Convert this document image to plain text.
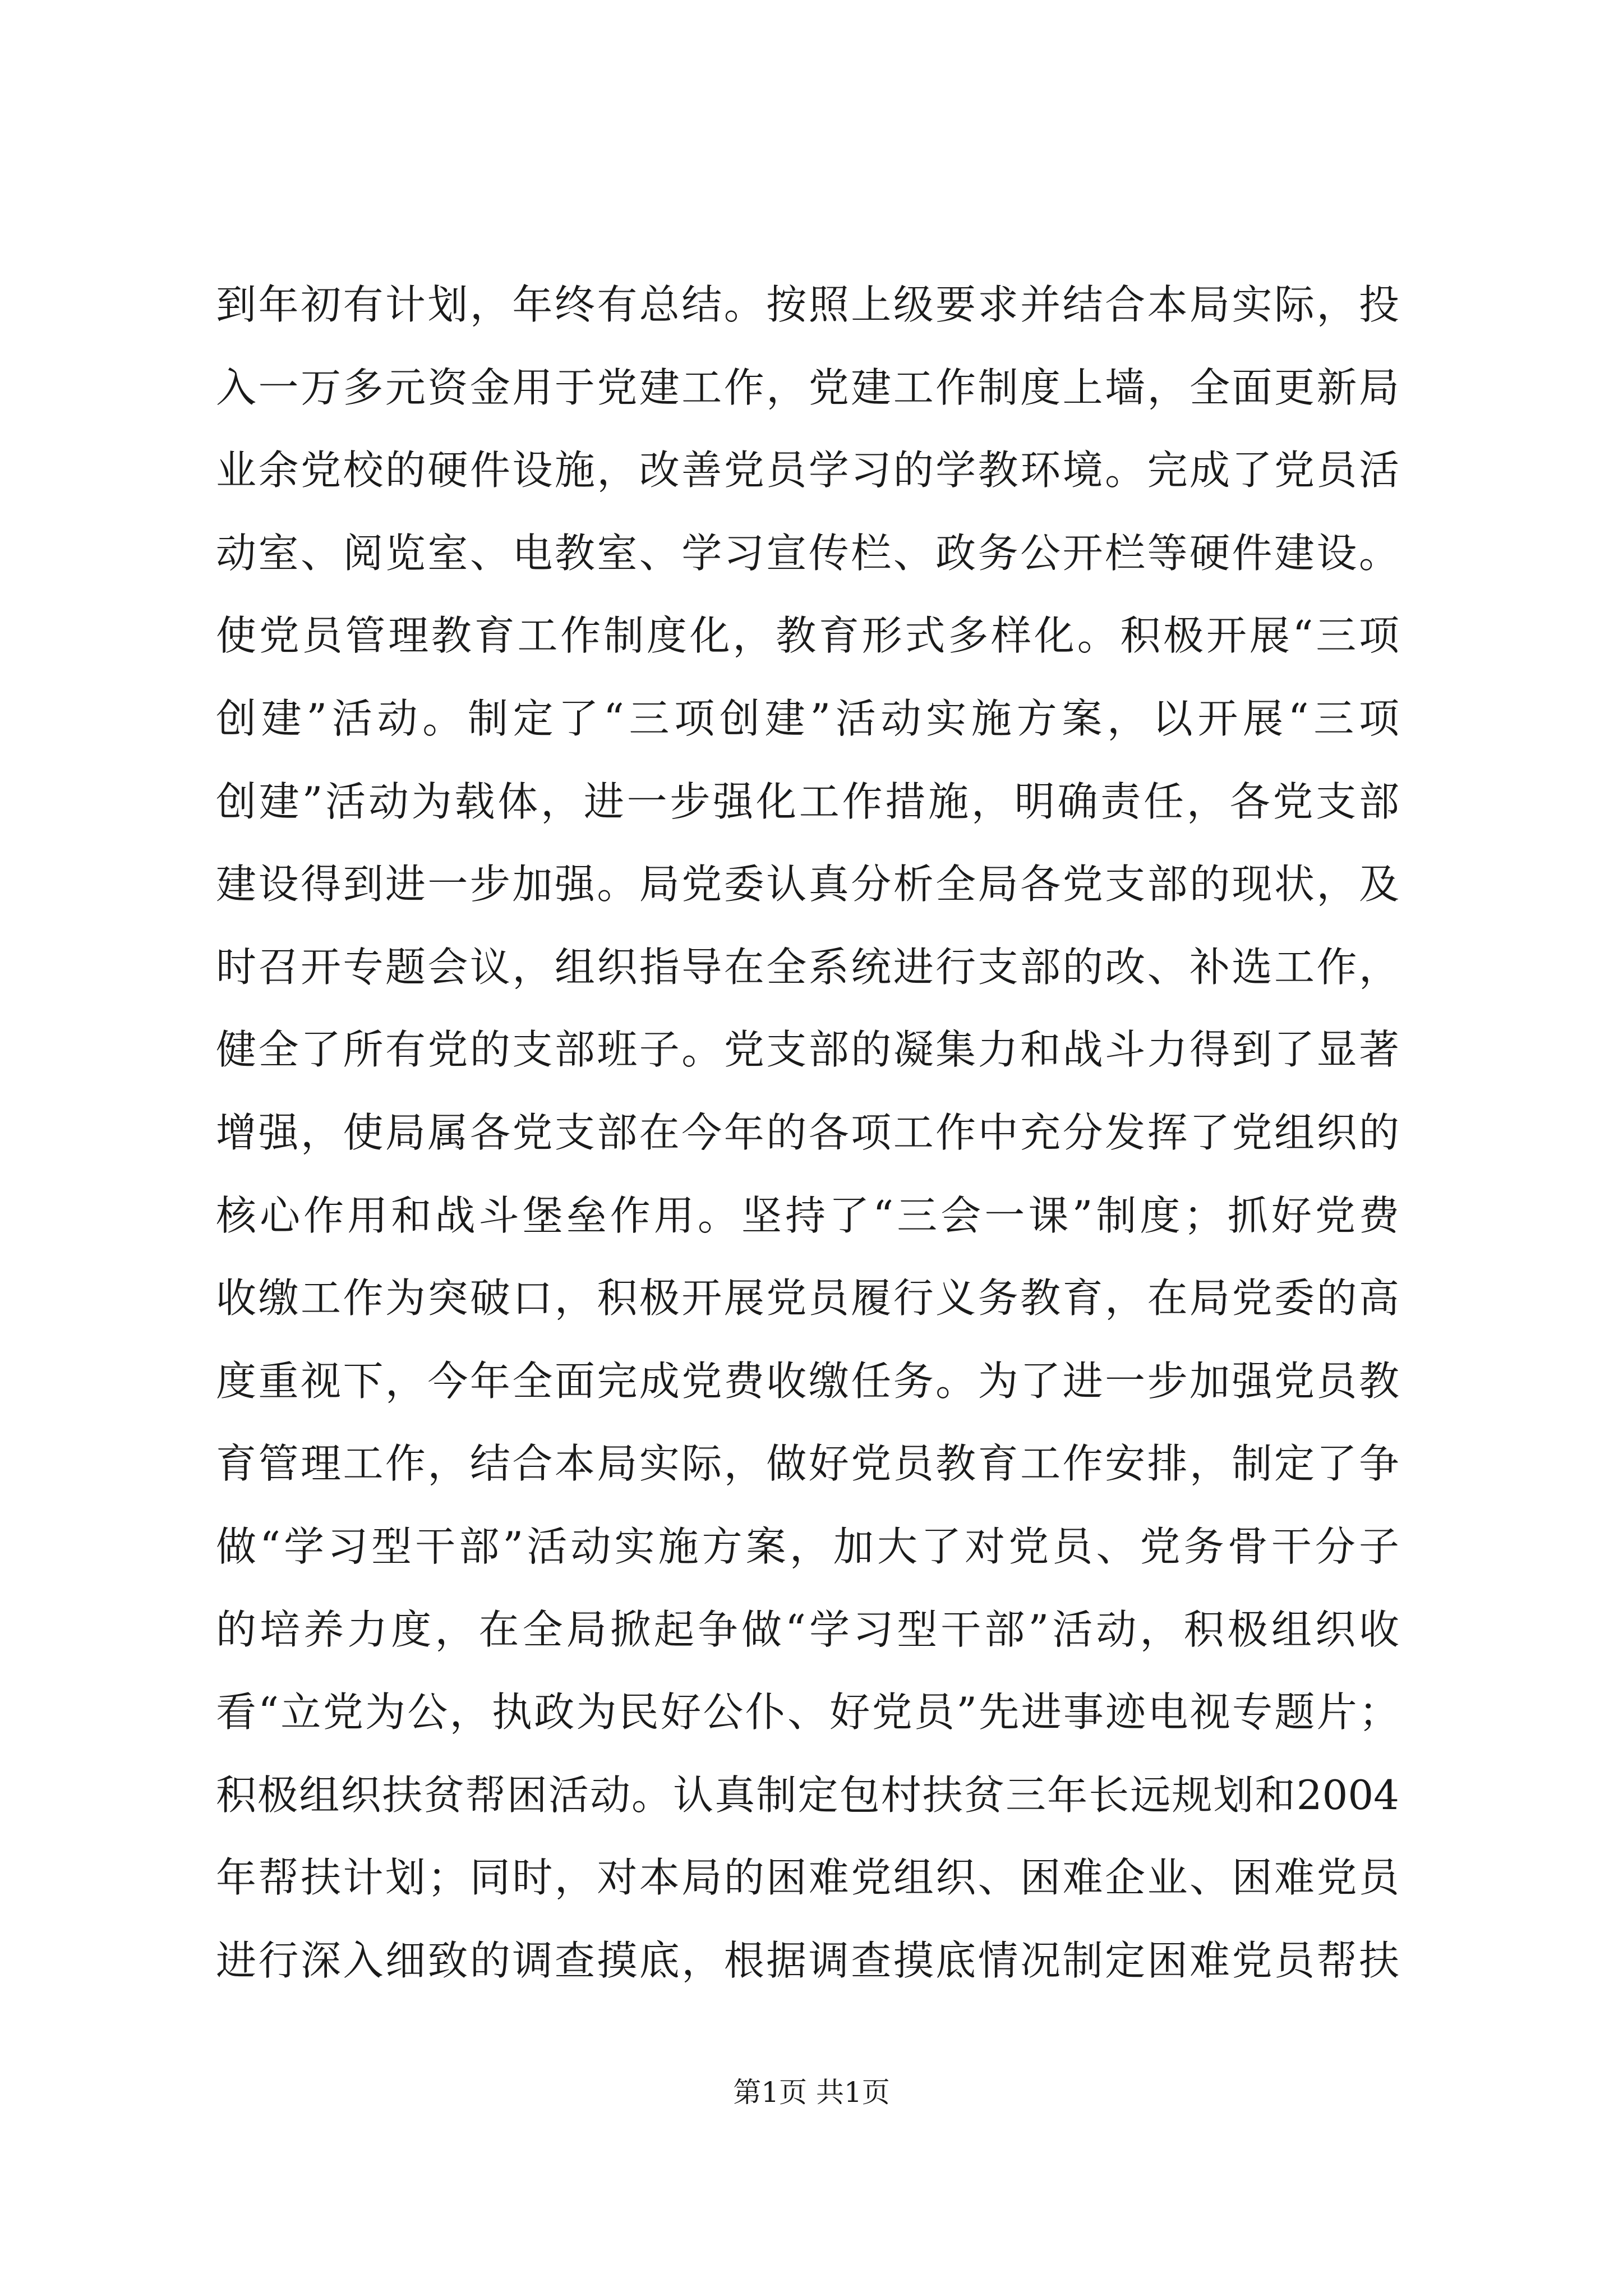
到年初有计划，年终有总结。按照上级要求并结合本局实际，投
入一万多元资金用于党建工作，党建工作制度上墙，全面更新局
业余党校的硬件设施，改善党员学习的学教环境。完成了党员活
动室、阅览室、电教室、学习宣传栏、政务公开栏等硬件建设。
使党员管理教育工作制度化，教育形式多样化。积极开展“三项
创建”活动。制定了“三项创建”活动实施方案，以开展“三项
创建”活动为载体，进一步强化工作措施，明确责任，各党支部
建设得到进一步加强。局党委认真分析全局各党支部的现状，及
时召开专题会议，组织指导在全系统进行支部的改、补选工作，
健全了所有党的支部班子。党支部的凝集力和战斗力得到了显著
增强，使局属各党支部在今年的各项工作中充分发挥了党组织的
核心作用和战斗堡垒作用。坚持了“三会一课”制度；抓好党费
收缴工作为突破口，积极开展党员履行义务教育，在局党委的高
度重视下，今年全面完成党费收缴任务。为了进一步加强党员教
育管理工作，结合本局实际，做好党员教育工作安排，制定了争
做“学习型干部”活动实施方案，加大了对党员、党务骨干分子
的培养力度，在全局掀起争做“学习型干部”活动，积极组织收
看“立党为公，执政为民好公仆、好党员”先进事迹电视专题片；
积极组织扶贫帮困活动。认真制定包村扶贫三年长远规划和2004
年帮扶计划；同时，对本局的困难党组织、困难企业、困难党员
进行深入细致的调查摸底，根据调查摸底情况制定困难党员帮扶
第1页 共1页
